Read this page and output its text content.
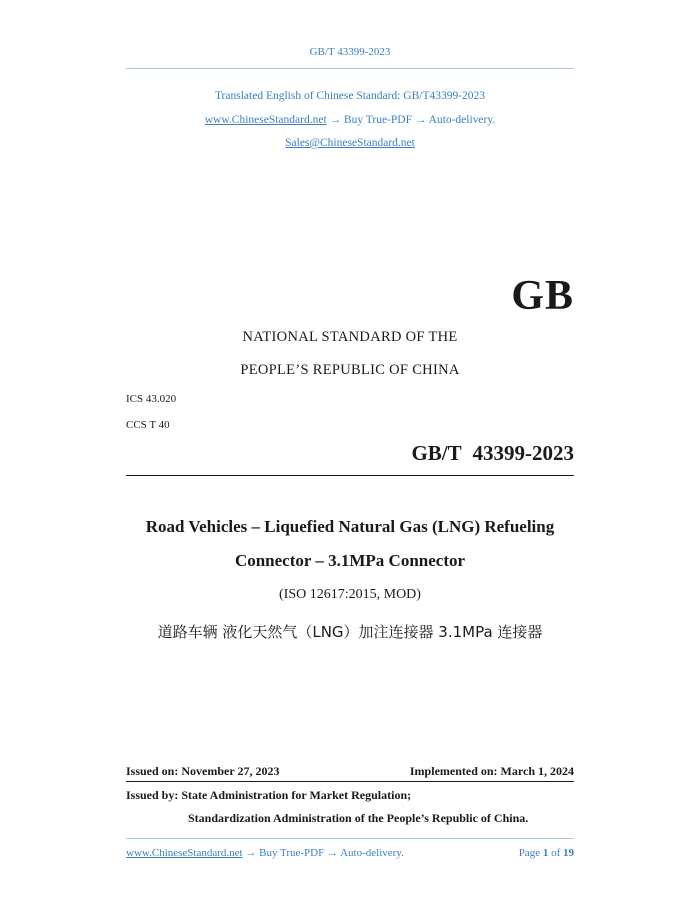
GB/T 43399-2023
Translated English of Chinese Standard: GB/T43399-2023
www.ChineseStandard.net → Buy True-PDF → Auto-delivery.
Sales@ChineseStandard.net
GB
NATIONAL STANDARD OF THE
PEOPLE’S REPUBLIC OF CHINA
ICS 43.020
CCS T 40
GB/T 43399-2023
Road Vehicles – Liquefied Natural Gas (LNG) Refueling
Connector – 3.1MPa Connector
(ISO 12617:2015, MOD)
道路车辆 液化天然气（LNG）加注连接器 3.1MPa 连接器
Issued on: November 27, 2023	Implemented on: March 1, 2024
Issued by: State Administration for Market Regulation;
Standardization Administration of the People’s Republic of China.
www.ChineseStandard.net → Buy True-PDF → Auto-delivery.	Page 1 of 19
